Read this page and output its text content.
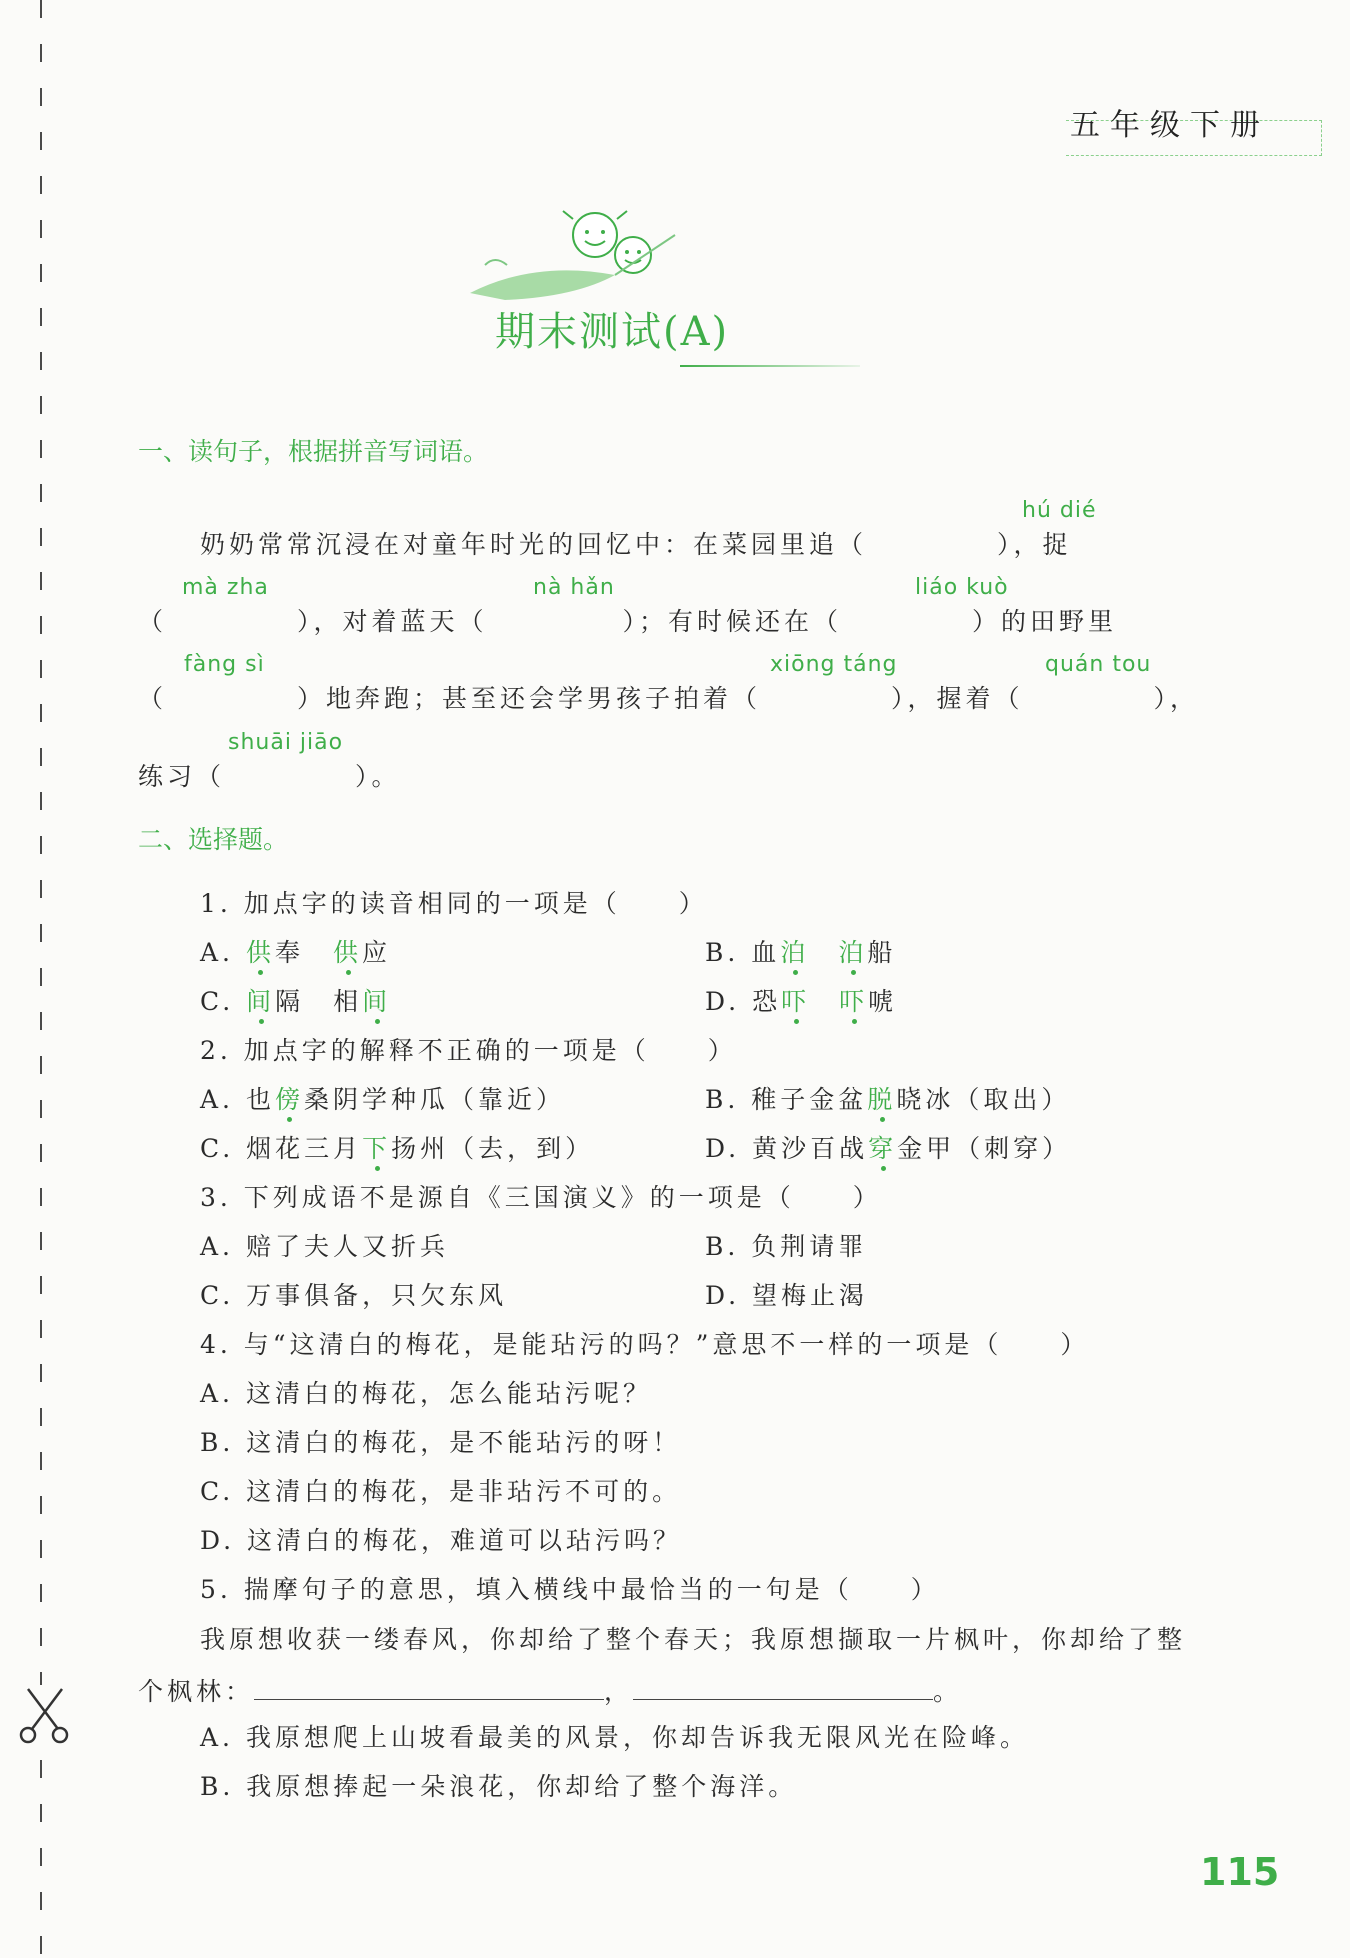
五年级下册
期末测试(A)
一、读句子，根据拼音写词语。
hú dié
奶奶常常沉浸在对童年时光的回忆中：在菜园里追（	），捉
mà zha	nà hǎn	liáo kuò
（	），对着蓝天（	）；有时候还在（	）的田野里
fàng sì	xiōng táng	quán tou
（	）地奔跑；甚至还会学男孩子拍着（	），握着（	），
shuāi jiāo
练习（	）。
二、选择题。
1. 加点字的读音相同的一项是（　　）
A. 供奉　供应	B. 血泊　 泊船
C. 间隔　相间	D. 恐吓　 吓唬
2. 加点字的解释不正确的一项是（　　）
A. 也傍桑阴学种瓜（靠近）	B. 稚子金盆脱晓冰（取出）
C. 烟花三月下扬州（去，到）	D. 黄沙百战穿金甲（刺穿）
3. 下列成语不是源自《三国演义》的一项是（　　）
A. 赔了夫人又折兵	B. 负荆请罪
C. 万事俱备，只欠东风	D. 望梅止渴
4. 与“这清白的梅花，是能玷污的吗？”意思不一样的一项是（　　）
A. 这清白的梅花，怎么能玷污呢？
B. 这清白的梅花，是不能玷污的呀！
C. 这清白的梅花，是非玷污不可的。
D. 这清白的梅花，难道可以玷污吗？
5. 揣摩句子的意思，填入横线中最恰当的一句是（　　）
我原想收获一缕春风，你却给了整个春天；我原想撷取一片枫叶，你却给了整
个枫林：	，	。
A. 我原想爬上山坡看最美的风景，你却告诉我无限风光在险峰。
B. 我原想捧起一朵浪花，你却给了整个海洋。
115
